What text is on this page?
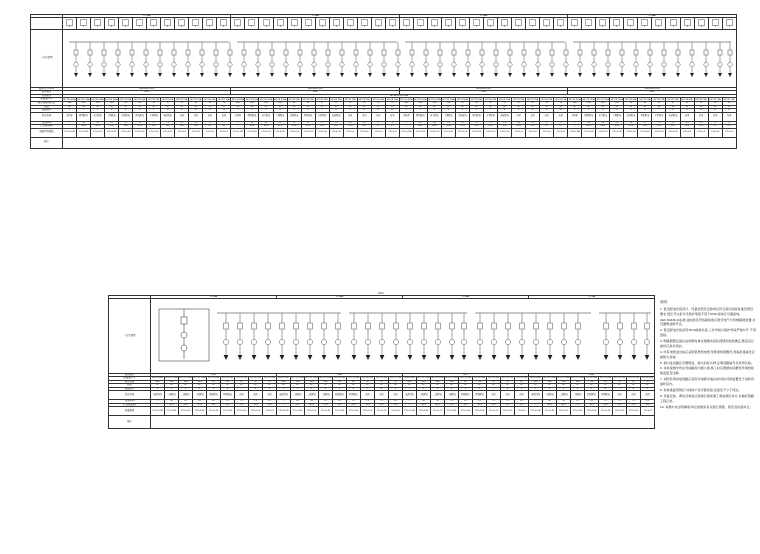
	1#-7AA												1#-2AA												1#-3AA												1#-4AA												

一次系统图	
柜体尺寸(mm)	800×600×2200												800×600×2200												800×600×2200												800×600×2200												
母线编号	AA1												AA2												AA3												AA4												
系统电压	AC380/220V 50Hz																																																
断路器型号	MCCB 400A	MCCB 250A	MCCB 160A	MCCB 100A	MCCB 63A	MCCB 63A	MCCB 32A	MCCB 32A	MCCB 25A	MCCB 25A	MCCB 16A	MCCB 16A	MCCB 400A	MCCB 250A	MCCB 160A	MCCB 100A	MCCB 63A	MCCB 63A	MCCB 32A	MCCB 32A	MCCB 25A	MCCB 25A	MCCB 16A	MCCB 16A	MCCB 400A	MCCB 250A	MCCB 160A	MCCB 100A	MCCB 63A	MCCB 63A	MCCB 32A	MCCB 32A	MCCB 25A	MCCB 25A	MCCB 16A	MCCB 16A	MCCB 400A	MCCB 250A	MCCB 160A	MCCB 100A	MCCB 63A	MCCB 63A	MCCB 32A	MCCB 32A	MCCB 25A	MCCB 25A	MCCB 16A	MCCB 16A	
额定电流/整定值	400	250	160	100	63	63	32	32	25	25	16	16	400	250	160	100	63	63	32	32	25	25	16	16	400	250	160	100	63	63	32	32	25	25	16	16	400	250	160	100	63	63	32	32	25	25	16	16	
极数	3P	3P	3P	3P	3P	3P	3P	3P	3P	3P	3P	3P	3P	3P	3P	3P	3P	3P	3P	3P	3P	3P	3P	3P	3P	3P	3P	3P	3P	3P	3P	3P	3P	3P	3P	3P	3P	3P	3P	3P	3P	3P	3P	3P	3P	3P	3P	3P	
回路编号	1	2	3	4	5	6	7	8	9	10	11	12	1	2	3	4	5	6	7	8	9	10	11	12	1	2	3	4	5	6	7	8	9	10	11	12	1	2	3	4	5	6	7	8	9	10	11	12	
负荷名称	进线柜	照明配电	动力配电	空调配电	消防配电	风机配电	水泵配电	电梯配电	备用	备用	备用	备用	进线柜	照明配电	动力配电	空调配电	消防配电	风机配电	水泵配电	电梯配电	备用	备用	备用	备用	进线柜	照明配电	动力配电	空调配电	消防配电	风机配电	水泵配电	电梯配电	备用	备用	备用	备用	进线柜	照明配电	动力配电	空调配电	消防配电	风机配电	水泵配电	电梯配电	备用	备用	备用	备用	
容量(kW)	—	45	30	22	15	11	7.5	7.5	5.5	5.5	3	3	—	45	30	22	15	11	7.5	7.5	5.5	5.5	3	3	—	45	30	22	15	11	7.5	7.5	5.5	5.5	3	3	—	45	30	22	15	11	7.5	7.5	5.5	5.5	3	3	
计算电流(A)	—	85.4	56.9	41.8	28.5	20.9	14.2	14.2	10.4	10.4	5.7	5.7	—	85.4	56.9	41.8	28.5	20.9	14.2	14.2	10.4	10.4	5.7	5.7	—	85.4	56.9	41.8	28.5	20.9	14.2	14.2	10.4	10.4	5.7	5.7	—	85.4	56.9	41.8	28.5	20.9	14.2	14.2	10.4	10.4	5.7	5.7	
电缆型号规格	YJV-4×185	YJV-4×95	YJV-4×70	YJV-4×35	YJV-4×16	YJV-4×16	YJV-4×10	YJV-4×10	YJV-4×6	YJV-4×6	YJV-4×4	YJV-4×4	YJV-4×185	YJV-4×95	YJV-4×70	YJV-4×35	YJV-4×16	YJV-4×16	YJV-4×10	YJV-4×10	YJV-4×6	YJV-4×6	YJV-4×4	YJV-4×4	YJV-4×185	YJV-4×95	YJV-4×70	YJV-4×35	YJV-4×16	YJV-4×16	YJV-4×10	YJV-4×10	YJV-4×6	YJV-4×6	YJV-4×4	YJV-4×4	YJV-4×185	YJV-4×95	YJV-4×70	YJV-4×35	YJV-4×16	YJV-4×16	YJV-4×10	YJV-4×10	YJV-4×6	YJV-4×6	YJV-4×4	YJV-4×4	
备注																																																	
10m²
	1#-5AA									1#-6AA									1#-8AA									1#-7AA								
一次系统图	
母线编号	AA5									AA6									AA7									AA8								
断路器型号	ACB 630A	MCCB 250A	MCCB 160A	MCCB 100A	MCCB 63A	MCCB 63A	MCCB 32A	MCCB 32A	MCCB 25A	ACB 630A	MCCB 250A	MCCB 160A	MCCB 100A	MCCB 63A	MCCB 63A	MCCB 32A	MCCB 32A	MCCB 25A	ACB 630A	MCCB 250A	MCCB 160A	MCCB 100A	MCCB 63A	MCCB 63A	MCCB 32A	MCCB 32A	MCCB 25A	ACB 630A	MCCB 250A	MCCB 160A	MCCB 100A	MCCB 63A	MCCB 63A	MCCB 32A	MCCB 32A	MCCB 25A
整定电流	630	250	160	100	63	63	32	32	25	630	250	160	100	63	63	32	32	25	630	250	160	100	63	63	32	32	25	630	250	160	100	63	63	32	32	25
极数	3P	3P	3P	3P	3P	3P	3P	3P	3P	3P	3P	3P	3P	3P	3P	3P	3P	3P	3P	3P	3P	3P	3P	3P	3P	3P	3P	3P	3P	3P	3P	3P	3P	3P	3P	3P
回路编号	1	2	3	4	5	6	7	8	9	1	2	3	4	5	6	7	8	9	1	2	3	4	5	6	7	8	9	1	2	3	4	5	6	7	8	9
负荷名称	电源进线	一层配电	二层配电	三层配电	四层配电	屋面配电	备用	备用	备用	电源进线	一层配电	二层配电	三层配电	四层配电	屋面配电	备用	备用	备用	电源进线	一层配电	二层配电	三层配电	四层配电	屋面配电	备用	备用	备用	电源进线	一层配电	二层配电	三层配电	四层配电	屋面配电	备用	备用	备用
容量(kW)	—	50	35	25	18	15	7.5	7.5	5.5	—	50	35	25	18	15	7.5	7.5	5.5	—	50	35	25	18	15	7.5	7.5	5.5	—	50	35	25	18	15	7.5	7.5	5.5
计算电流(A)	—	94.9	66.4	47.4	34.2	28.5	14.2	14.2	10.4	—	94.9	66.4	47.4	34.2	28.5	14.2	14.2	10.4	—	94.9	66.4	47.4	34.2	28.5	14.2	14.2	10.4	—	94.9	66.4	47.4	34.2	28.5	14.2	14.2	10.4
电缆规格	YJV-4×240	YJV-4×95	YJV-4×70	YJV-4×35	YJV-4×16	YJV-4×16	YJV-4×10	YJV-4×10	YJV-4×6	YJV-4×240	YJV-4×95	YJV-4×70	YJV-4×35	YJV-4×16	YJV-4×16	YJV-4×10	YJV-4×10	YJV-4×6	YJV-4×240	YJV-4×95	YJV-4×70	YJV-4×35	YJV-4×16	YJV-4×16	YJV-4×10	YJV-4×10	YJV-4×6	YJV-4×240	YJV-4×95	YJV-4×70	YJV-4×35	YJV-4×16	YJV-4×16	YJV-4×10	YJV-4×10	YJV-4×6
备注																																				
说明:

1. 低压配电系统设计、设备选型及安装均应符合现行国家标准及规范要求,低压开关柜外壳防护等级不低于IP30,柜体应可靠接地。

(IEC 60439-1)标准,进线柜及母线联络柜应装设电气与机械联锁装置,并设置明显断开点。

2. 低压配电系统采用TN-S接地系统,工作零线与保护零线严格分开,不得混接。

3. 断路器整定值应由供配电单位根据实际负荷情况校核确定,整定后应做好记录并铅封。

4. 所有电缆进出线应采用阻燃型电缆,穿管或桥架敷设,穿墙及楼板处应做防火封堵。

5. 柜内各回路应设置明显、耐久的标志牌,注明回路编号及负荷名称。

6. 本系统图中所注导线截面为最小值,施工时应根据实际敷设环境校验载流量及压降。

7. 消防负荷供电回路应采用双电源末端自动切换,切换装置设于消防设备机房内。

8. 柜体基础型钢应与接地干线可靠连接,连接处不少于两点。

9. 设备安装、调试及验收应按现行国家施工验收规范执行,并做好隐蔽工程记录。

10. 本图中未注明事项,均应按国家有关现行规程、规范及标准执行。
